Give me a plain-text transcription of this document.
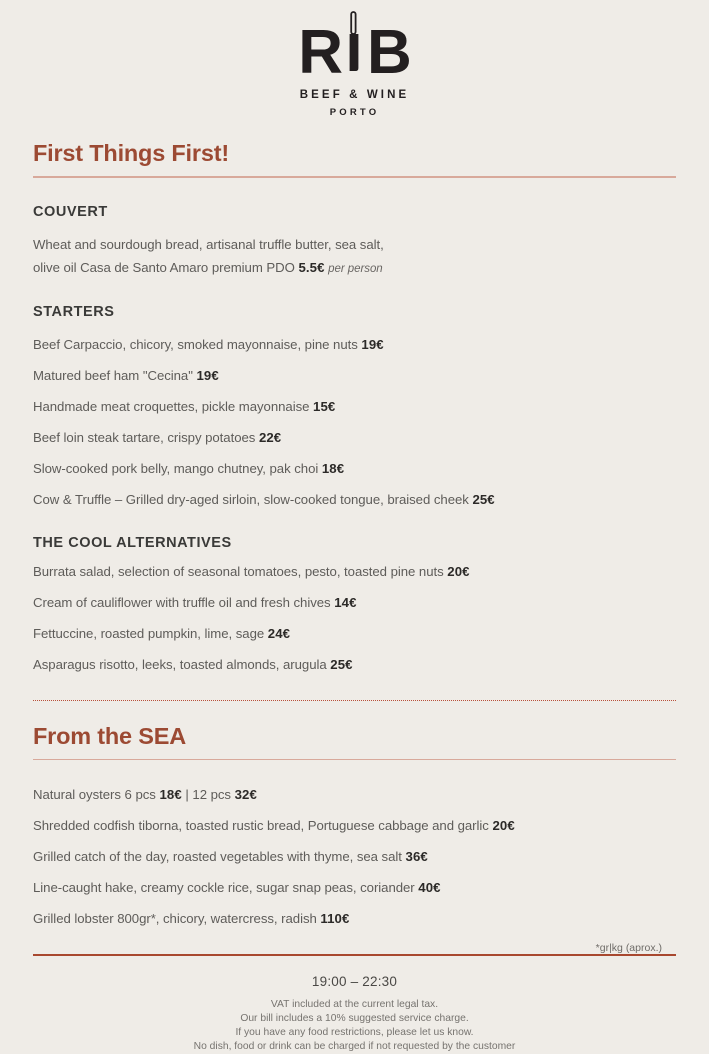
R B
BEEF & WINE
PORTO
First Things First!
COUVERT
Wheat and sourdough bread, artisanal truffle butter, sea salt,
olive oil Casa de Santo Amaro premium PDO 5.5€ per person
STARTERS
Beef Carpaccio, chicory, smoked mayonnaise, pine nuts 19€
Matured beef ham "Cecina" 19€
Handmade meat croquettes, pickle mayonnaise 15€
Beef loin steak tartare, crispy potatoes 22€
Slow-cooked pork belly, mango chutney, pak choi 18€
Cow & Truffle – Grilled dry-aged sirloin, slow-cooked tongue, braised cheek 25€
THE COOL ALTERNATIVES
Burrata salad, selection of seasonal tomatoes, pesto, toasted pine nuts 20€
Cream of cauliflower with truffle oil and fresh chives 14€
Fettuccine, roasted pumpkin, lime, sage 24€
Asparagus risotto, leeks, toasted almonds, arugula 25€
From the SEA
Natural oysters 6 pcs 18€ | 12 pcs 32€
Shredded codfish tiborna, toasted rustic bread, Portuguese cabbage and garlic 20€
Grilled catch of the day, roasted vegetables with thyme, sea salt 36€
Line-caught hake, creamy cockle rice, sugar snap peas, coriander 40€
Grilled lobster 800gr*, chicory, watercress, radish 110€
*gr|kg (aprox.)
19:00 – 22:30
VAT included at the current legal tax.
Our bill includes a 10% suggested service charge.
If you have any food restrictions, please let us know.
No dish, food or drink can be charged if not requested by the customer
